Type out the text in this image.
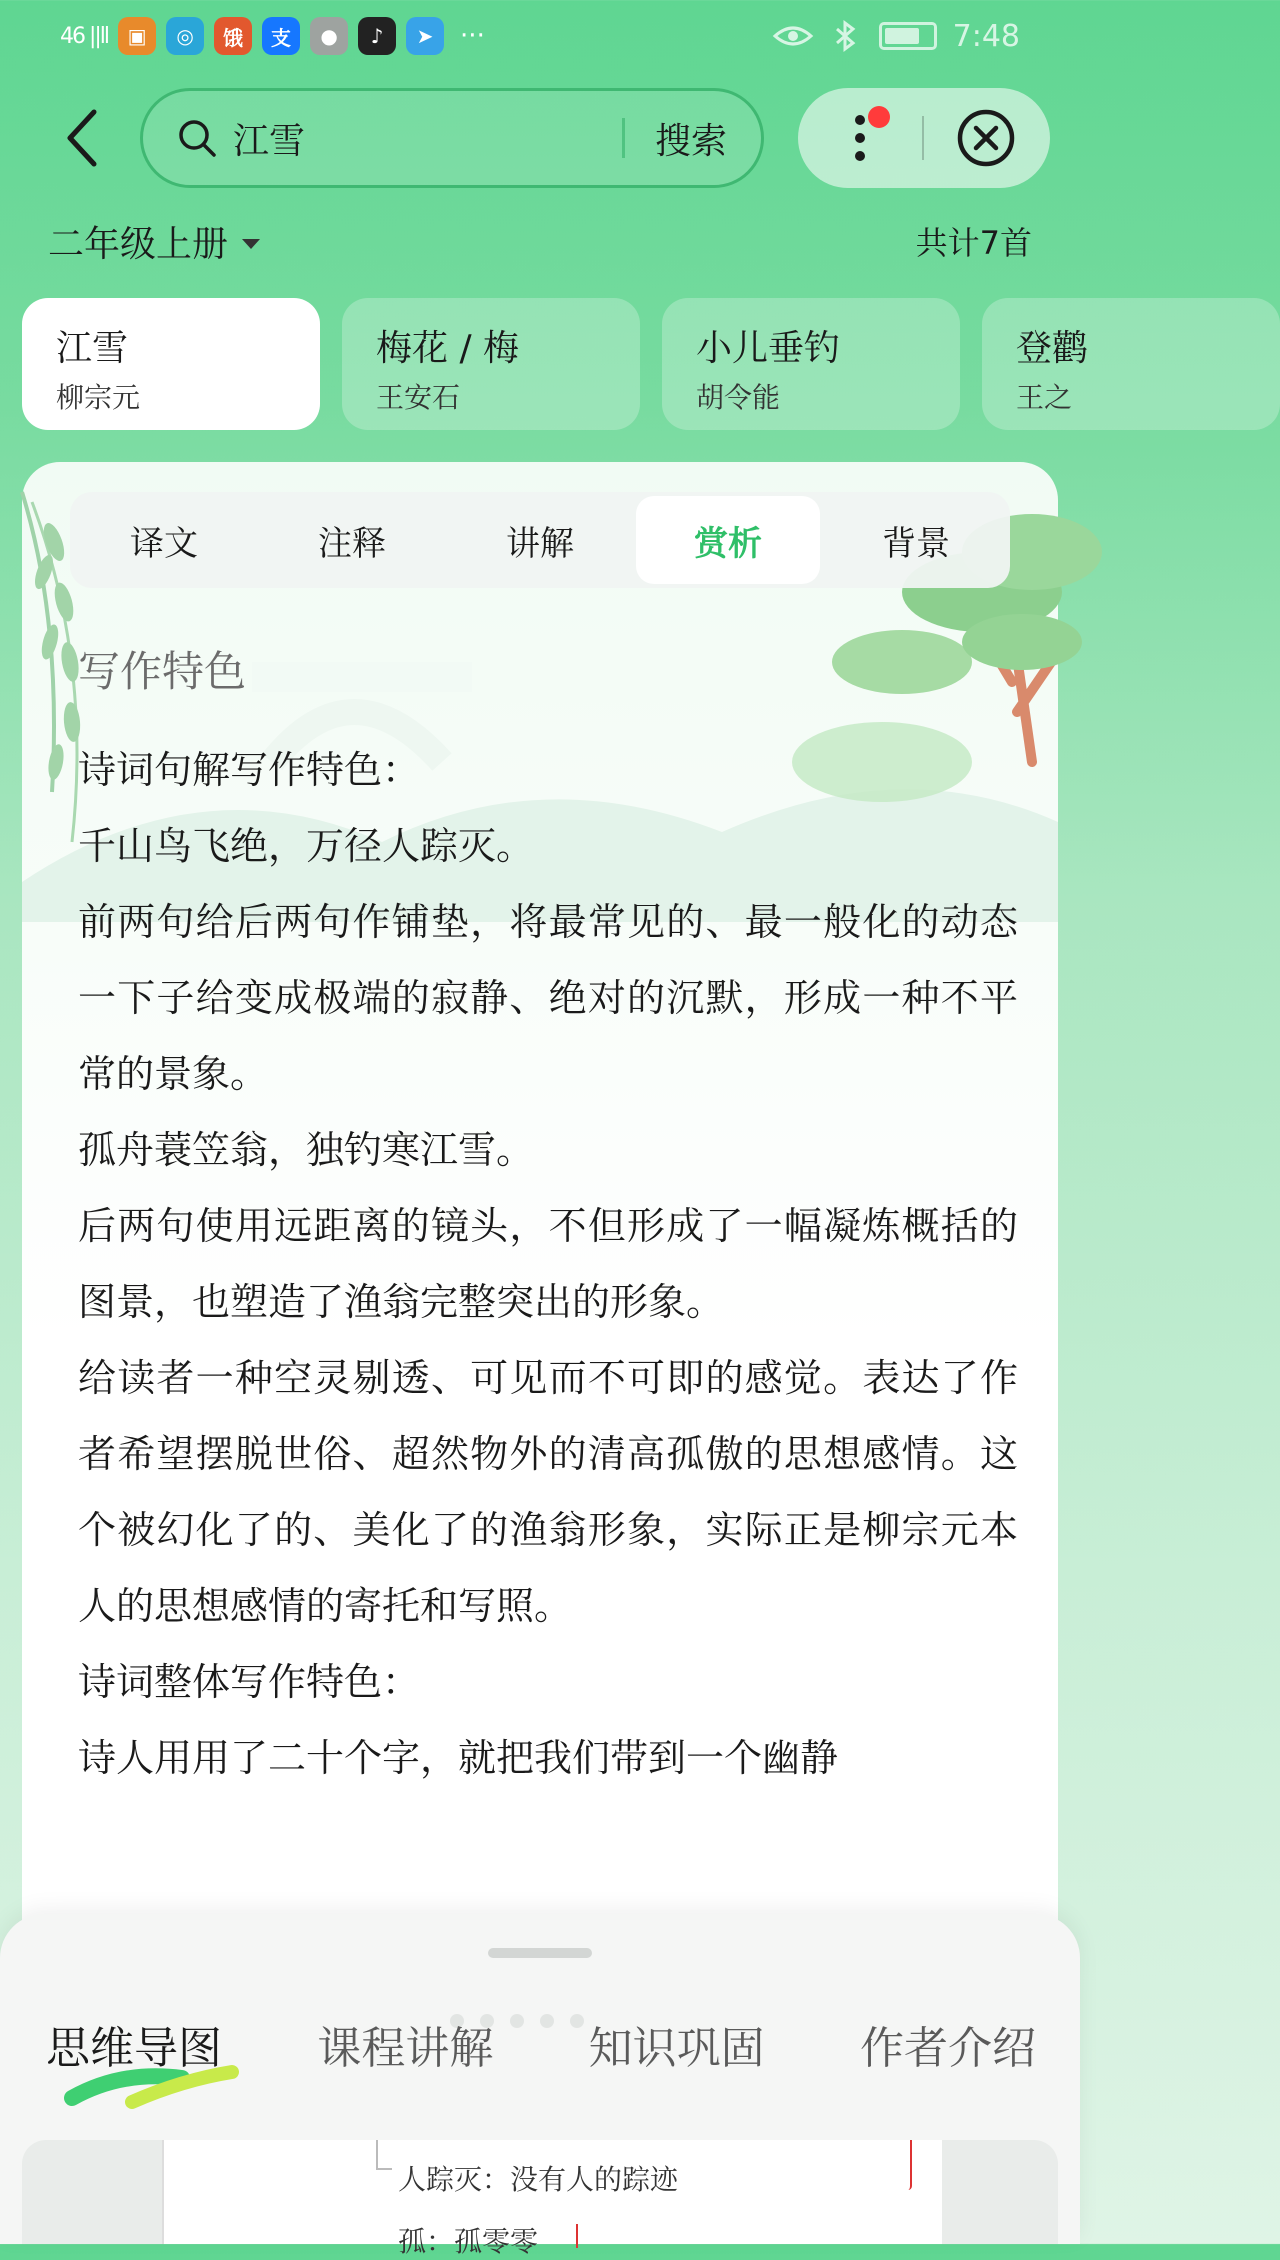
46 ||ll ▣	◎	饿	支	●	♪	➤	···	7:48
江雪	搜索
二年级上册	共计7首
江雪
柳宗元
梅花 / 梅
王安石
小儿垂钓
胡令能
登鹳
王之
译文	注释	讲解	赏析	背景
写作特色

诗词句解写作特色：

千山鸟飞绝，万径人踪灭。

前两句给后两句作铺垫，将最常见的、最一般化的动态一下子给变成极端的寂静、绝对的沉默，形成一种不平常的景象。

孤舟蓑笠翁，独钓寒江雪。

后两句使用远距离的镜头，不但形成了一幅凝炼概括的图景，也塑造了渔翁完整突出的形象。

给读者一种空灵剔透、可见而不可即的感觉。表达了作者希望摆脱世俗、超然物外的清高孤傲的思想感情。这个被幻化了的、美化了的渔翁形象，实际正是柳宗元本人的思想感情的寄托和写照。

诗词整体写作特色：

诗人用用了二十个字，就把我们带到一个幽静

思维导图 课程讲解 知识巩固 作者介绍
人踪灭：没有人的踪迹
孤：孤零零
